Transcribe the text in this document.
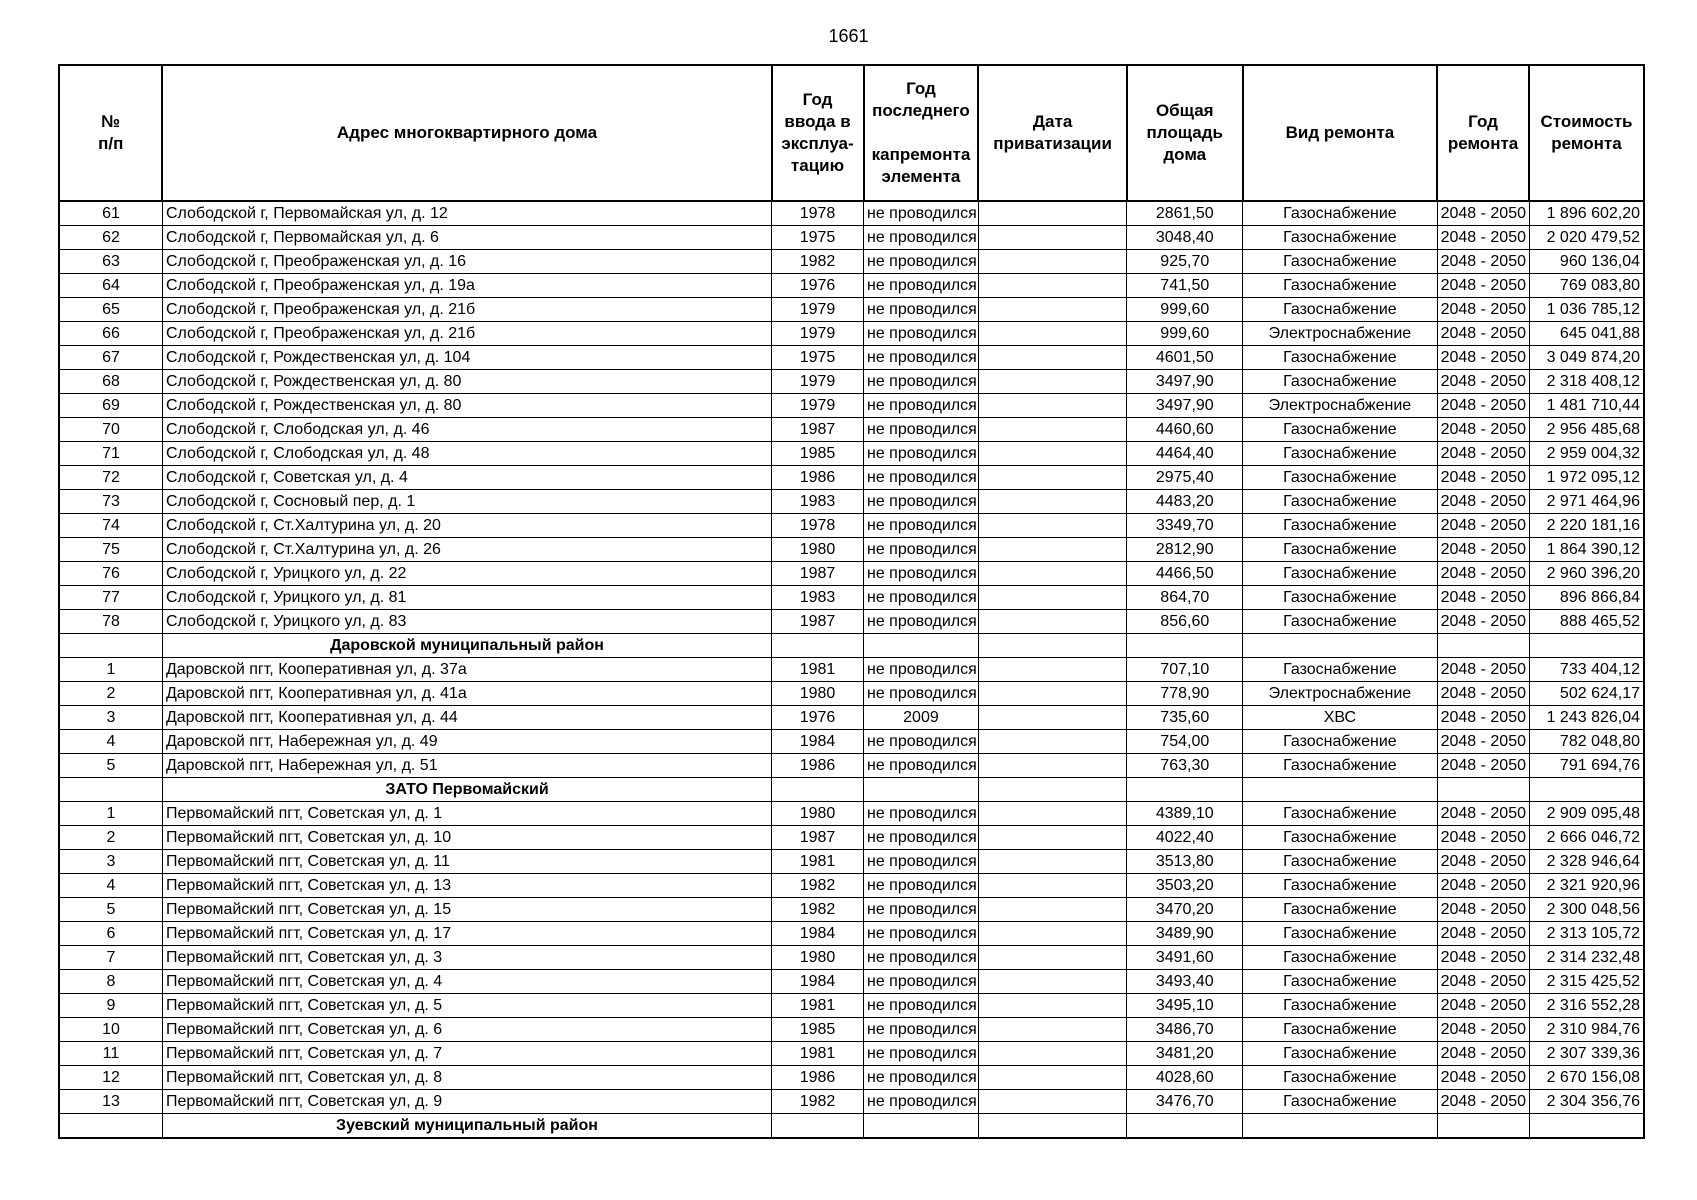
1661
№
п/п	Адрес многоквартирного дома	Год
ввода в
эксплуа-
тацию	Год
последнего
капремонта
элемента	Дата
приватизации	Общая
площадь
дома	Вид ремонта	Год
ремонта	Стоимость
ремонта

61	Слободской г, Первомайская ул, д. 12	1978	не проводился		2861,50	Газоснабжение	2048 - 2050	1 896 602,20
62	Слободской г, Первомайская ул, д. 6	1975	не проводился		3048,40	Газоснабжение	2048 - 2050	2 020 479,52
63	Слободской г, Преображенская ул, д. 16	1982	не проводился		925,70	Газоснабжение	2048 - 2050	960 136,04
64	Слободской г, Преображенская ул, д. 19а	1976	не проводился		741,50	Газоснабжение	2048 - 2050	769 083,80
65	Слободской г, Преображенская ул, д. 21б	1979	не проводился		999,60	Газоснабжение	2048 - 2050	1 036 785,12
66	Слободской г, Преображенская ул, д. 21б	1979	не проводился		999,60	Электроснабжение	2048 - 2050	645 041,88
67	Слободской г, Рождественская ул, д. 104	1975	не проводился		4601,50	Газоснабжение	2048 - 2050	3 049 874,20
68	Слободской г, Рождественская ул, д. 80	1979	не проводился		3497,90	Газоснабжение	2048 - 2050	2 318 408,12
69	Слободской г, Рождественская ул, д. 80	1979	не проводился		3497,90	Электроснабжение	2048 - 2050	1 481 710,44
70	Слободской г, Слободская ул, д. 46	1987	не проводился		4460,60	Газоснабжение	2048 - 2050	2 956 485,68
71	Слободской г, Слободская ул, д. 48	1985	не проводился		4464,40	Газоснабжение	2048 - 2050	2 959 004,32
72	Слободской г, Советская ул, д. 4	1986	не проводился		2975,40	Газоснабжение	2048 - 2050	1 972 095,12
73	Слободской г, Сосновый пер, д. 1	1983	не проводился		4483,20	Газоснабжение	2048 - 2050	2 971 464,96
74	Слободской г, Ст.Халтурина ул, д. 20	1978	не проводился		3349,70	Газоснабжение	2048 - 2050	2 220 181,16
75	Слободской г, Ст.Халтурина ул, д. 26	1980	не проводился		2812,90	Газоснабжение	2048 - 2050	1 864 390,12
76	Слободской г, Урицкого ул, д. 22	1987	не проводился		4466,50	Газоснабжение	2048 - 2050	2 960 396,20
77	Слободской г, Урицкого ул, д. 81	1983	не проводился		864,70	Газоснабжение	2048 - 2050	896 866,84
78	Слободской г, Урицкого ул, д. 83	1987	не проводился		856,60	Газоснабжение	2048 - 2050	888 465,52
	Даровской муниципальный район							
1	Даровской пгт, Кооперативная ул, д. 37а	1981	не проводился		707,10	Газоснабжение	2048 - 2050	733 404,12
2	Даровской пгт, Кооперативная ул, д. 41а	1980	не проводился		778,90	Электроснабжение	2048 - 2050	502 624,17
3	Даровской пгт, Кооперативная ул, д. 44	1976	2009		735,60	ХВС	2048 - 2050	1 243 826,04
4	Даровской пгт, Набережная ул, д. 49	1984	не проводился		754,00	Газоснабжение	2048 - 2050	782 048,80
5	Даровской пгт, Набережная ул, д. 51	1986	не проводился		763,30	Газоснабжение	2048 - 2050	791 694,76
	ЗАТО Первомайский							
1	Первомайский пгт, Советская ул, д. 1	1980	не проводился		4389,10	Газоснабжение	2048 - 2050	2 909 095,48
2	Первомайский пгт, Советская ул, д. 10	1987	не проводился		4022,40	Газоснабжение	2048 - 2050	2 666 046,72
3	Первомайский пгт, Советская ул, д. 11	1981	не проводился		3513,80	Газоснабжение	2048 - 2050	2 328 946,64
4	Первомайский пгт, Советская ул, д. 13	1982	не проводился		3503,20	Газоснабжение	2048 - 2050	2 321 920,96
5	Первомайский пгт, Советская ул, д. 15	1982	не проводился		3470,20	Газоснабжение	2048 - 2050	2 300 048,56
6	Первомайский пгт, Советская ул, д. 17	1984	не проводился		3489,90	Газоснабжение	2048 - 2050	2 313 105,72
7	Первомайский пгт, Советская ул, д. 3	1980	не проводился		3491,60	Газоснабжение	2048 - 2050	2 314 232,48
8	Первомайский пгт, Советская ул, д. 4	1984	не проводился		3493,40	Газоснабжение	2048 - 2050	2 315 425,52
9	Первомайский пгт, Советская ул, д. 5	1981	не проводился		3495,10	Газоснабжение	2048 - 2050	2 316 552,28
10	Первомайский пгт, Советская ул, д. 6	1985	не проводился		3486,70	Газоснабжение	2048 - 2050	2 310 984,76
11	Первомайский пгт, Советская ул, д. 7	1981	не проводился		3481,20	Газоснабжение	2048 - 2050	2 307 339,36
12	Первомайский пгт, Советская ул, д. 8	1986	не проводился		4028,60	Газоснабжение	2048 - 2050	2 670 156,08
13	Первомайский пгт, Советская ул, д. 9	1982	не проводился		3476,70	Газоснабжение	2048 - 2050	2 304 356,76
	Зуевский муниципальный район							
